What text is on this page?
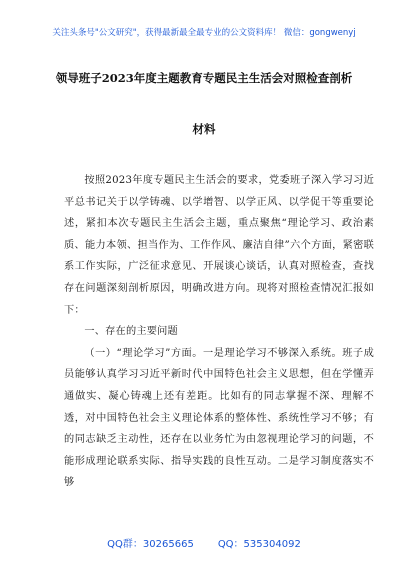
关注头条号"公文研究"，获得最新最全最专业的公文资料库！ 微信：gongwenyj
领导班子2023年度主题教育专题民主生活会对照检查剖析
材料

按照2023年度专题民主生活会的要求，党委班子深入学习习近平总书记关于以学铸魂、以学增智、以学正风、以学促干等重要论述，紧扣本次专题民主生活会主题，重点聚焦“理论学习、政治素质、能力本领、担当作为、工作作风、廉洁自律”六个方面，紧密联系工作实际，广泛征求意见、开展谈心谈话，认真对照检查，查找存在问题深刻剖析原因，明确改进方向。现将对照检查情况汇报如下：

一、存在的主要问题

（一）“理论学习”方面。一是理论学习不够深入系统。班子成员能够认真学习习近平新时代中国特色社会主义思想，但在学懂弄通做实、凝心铸魂上还有差距。比如有的同志掌握不深、理解不透，对中国特色社会主义理论体系的整体性、系统性学习不够；有的同志缺乏主动性，还存在以业务忙为由忽视理论学习的问题，不能形成理论联系实际、指导实践的良性互动。二是学习制度落实不够

QQ群：30265665 QQ：535304092
